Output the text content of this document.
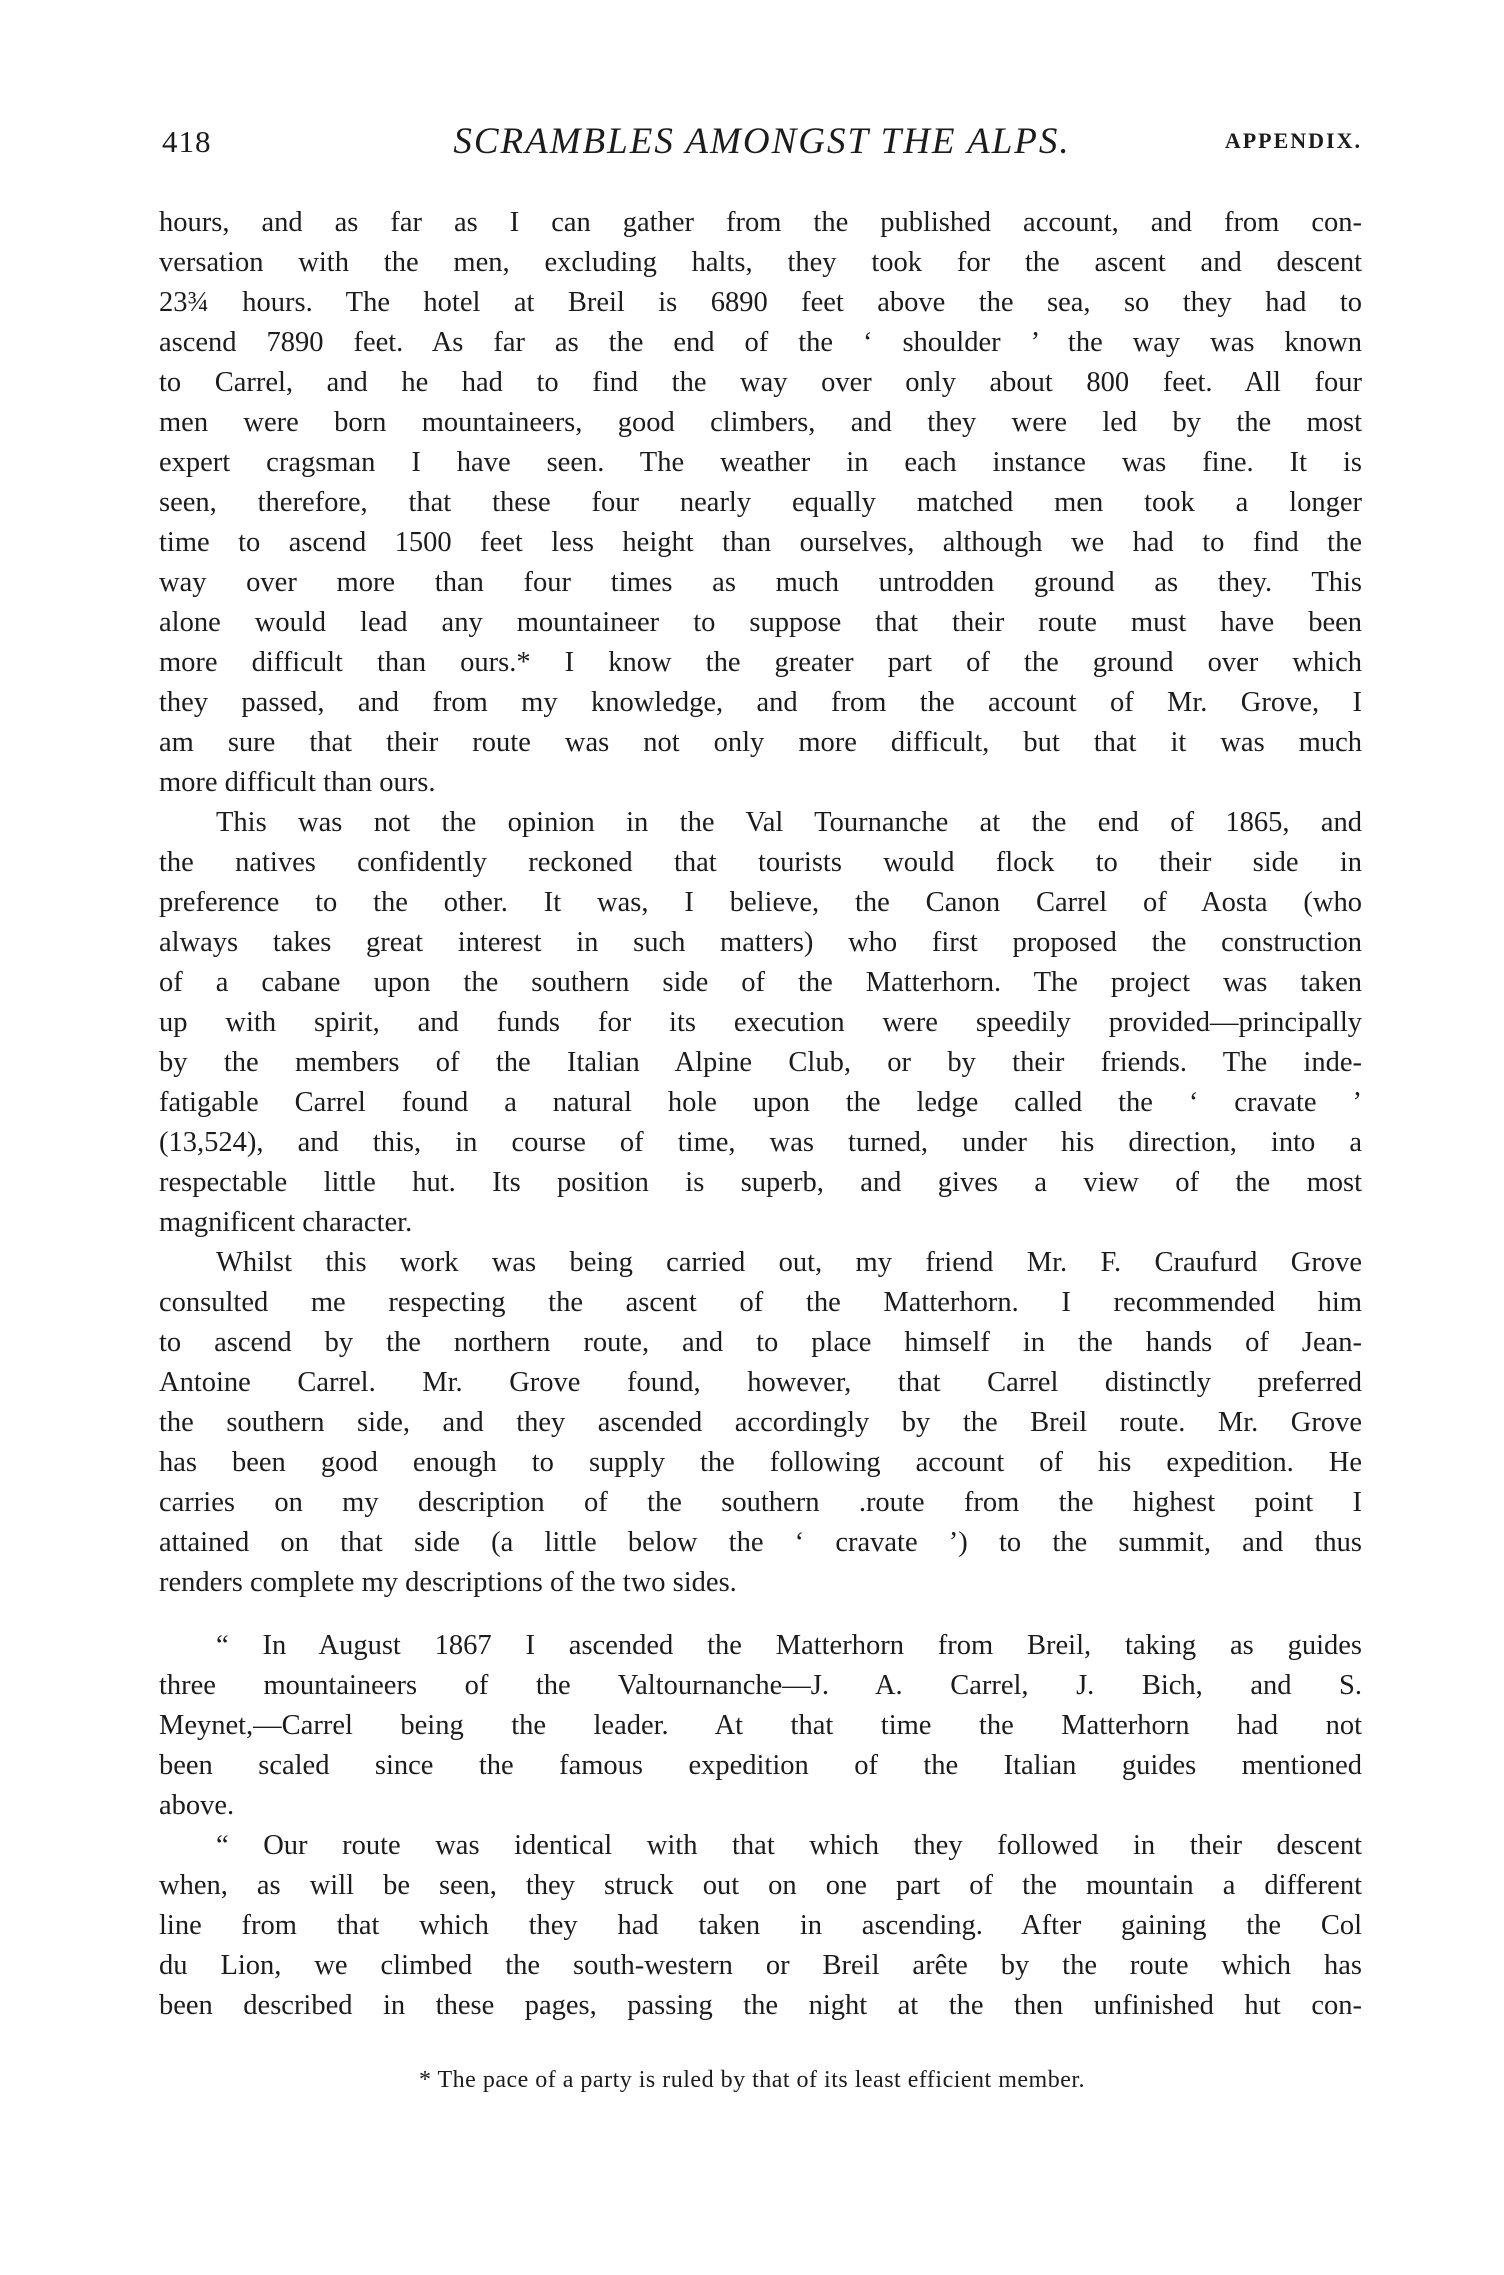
418	SCRAMBLES AMONGST THE ALPS.	APPENDIX.
hours, and as far as I can gather from the published account, and from con-
versation with the men, excluding halts, they took for the ascent and descent
23¾ hours. The hotel at Breil is 6890 feet above the sea, so they had to
ascend 7890 feet. As far as the end of the ‘ shoulder ’ the way was known
to Carrel, and he had to find the way over only about 800 feet. All four
men were born mountaineers, good climbers, and they were led by the most
expert cragsman I have seen. The weather in each instance was fine. It is
seen, therefore, that these four nearly equally matched men took a longer
time to ascend 1500 feet less height than ourselves, although we had to find the
way over more than four times as much untrodden ground as they. This
alone would lead any mountaineer to suppose that their route must have been
more difficult than ours.* I know the greater part of the ground over which
they passed, and from my knowledge, and from the account of Mr. Grove, I
am sure that their route was not only more difficult, but that it was much
more difficult than ours.
This was not the opinion in the Val Tournanche at the end of 1865, and
the natives confidently reckoned that tourists would flock to their side in
preference to the other. It was, I believe, the Canon Carrel of Aosta (who
always takes great interest in such matters) who first proposed the construction
of a cabane upon the southern side of the Matterhorn. The project was taken
up with spirit, and funds for its execution were speedily provided—principally
by the members of the Italian Alpine Club, or by their friends. The inde-
fatigable Carrel found a natural hole upon the ledge called the ‘ cravate ’
(13,524), and this, in course of time, was turned, under his direction, into a
respectable little hut. Its position is superb, and gives a view of the most
magnificent character.
Whilst this work was being carried out, my friend Mr. F. Craufurd Grove
consulted me respecting the ascent of the Matterhorn. I recommended him
to ascend by the northern route, and to place himself in the hands of Jean-
Antoine Carrel. Mr. Grove found, however, that Carrel distinctly preferred
the southern side, and they ascended accordingly by the Breil route. Mr. Grove
has been good enough to supply the following account of his expedition. He
carries on my description of the southern .route from the highest point I
attained on that side (a little below the ‘ cravate ’) to the summit, and thus
renders complete my descriptions of the two sides.
“ In August 1867 I ascended the Matterhorn from Breil, taking as guides
three mountaineers of the Valtournanche—J. A. Carrel, J. Bich, and S.
Meynet,—Carrel being the leader. At that time the Matterhorn had not
been scaled since the famous expedition of the Italian guides mentioned
above.
“ Our route was identical with that which they followed in their descent
when, as will be seen, they struck out on one part of the mountain a different
line from that which they had taken in ascending. After gaining the Col
du Lion, we climbed the south-western or Breil arête by the route which has
been described in these pages, passing the night at the then unfinished hut con-
* The pace of a party is ruled by that of its least efficient member.
